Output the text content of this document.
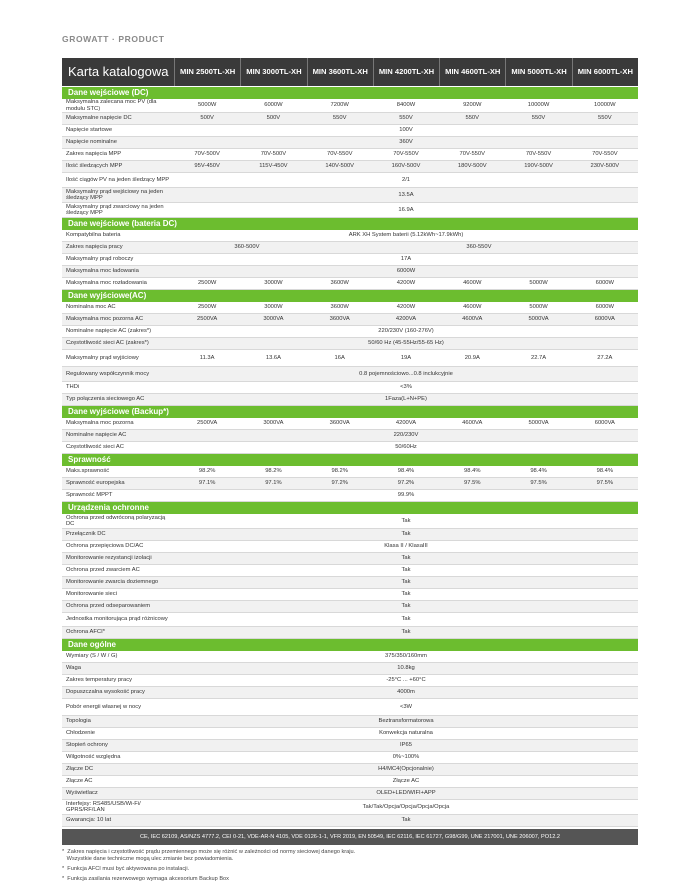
GROWATT · PRODUCT
Karta katalogowa	MIN 2500TL-XH	MIN 3000TL-XH	MIN 3600TL-XH	MIN 4200TL-XH	MIN 4600TL-XH	MIN 5000TL-XH	MIN 6000TL-XH
Dane wejściowe (DC)
Maksymalna zalecana moc PV (dla modułu STC)
5000W	6000W	7200W	8400W	9200W	10000W	10000W
Maksymalne napięcie DC	500V	500V	550V	550V	550V	550V	550V
Napięcie startowe	100V
Napięcie nominalne	360V
Zakres napięcia MPP	70V-500V	70V-500V	70V-550V	70V-550V	70V-550V	70V-550V	70V-550V
Ilość śledzących MPP	95V-450V	115V-450V	140V-500V	160V-500V	180V-500V	190V-500V	230V-500V
Ilość ciągów PV na jeden śledzący MPP	2/1
Maksymalny prąd wejściowy na jeden śledzący MPP
13.5A
Maksymalny prąd zwarciowy na jeden śledzący MPP
16.9A
Dane wejściowe (bateria DC)
Kompatybilna bateria	ARK XH System baterii (5.12kWh~17.9kWh)
Zakres napięcia pracy	360-500V	360-550V
Maksymalny prąd roboczy	17A
Maksymalna moc ładowania	6000W
Maksymalna moc rozładowania	2500W	3000W	3600W	4200W	4600W	5000W	6000W
Dane wyjściowe(AC)
Nominalna moc AC	2500W	3000W	3600W	4200W	4600W	5000W	6000W
Maksymalna moc pozorna AC	2500VA	3000VA	3600VA	4200VA	4600VA	5000VA	6000VA
Nominalne napięcie AC (zakres*)	220/230V (160-276V)
Częstotliwość sieci AC (zakres*)	50/60 Hz (45-55Hz/55-65 Hz)
Maksymalny prąd wyjściowy	11.3A	13.6A	16A	19A	20.9A	22.7A	27.2A
Regulowany współczynnik mocy	0.8 pojemnościowo...0.8 inclukcyjnie
THDi	<3%
Typ połączenia sieciowego AC	1Faza(L+N+PE)
Dane wyjściowe (Backup*)
Maksymalna moc pozorna	2500VA	3000VA	3600VA	4200VA	4600VA	5000VA	6000VA
Nominalne napięcie AC	220/230V
Częstotliwość sieci AC	50/60Hz
Sprawność
Maks.sprawność	98.2%	98.2%	98.2%	98.4%	98.4%	98.4%	98.4%
Sprawność europejska	97.1%	97.1%	97.2%	97.2%	97.5%	97.5%	97.5%
Sprawność MPPT	99.9%
Urządzenia ochronne
Ochrona przed odwróconą polaryzacją DC
Tak
Przełącznik DC	Tak
Ochrona przepięciowa DC/AC	Klasa II / KlasaIII
Monitorowanie rezystancji izolacji	Tak
Ochrona przed zwarciem AC	Tak
Monitorowanie zwarcia doziemnego	Tak
Monitorowanie sieci	Tak
Ochrona przed odseparowaniem	Tak
Jednostka monitorująca prąd różnicowy	Tak
Ochrona AFCI*	Tak
Dane ogólne
Wymiary (S / W / G)	375/350/160mm
Waga	10.8kg
Zakres temperatury pracy	-25°C ... +60°C
Dopuszczalna wysokość pracy	4000m
Pobór energii własnej w nocy	<3W
Topologia	Beztransformatorowa
Chłodzenie	Konwekcja naturalna
Stopień ochrony	IP65
Wilgotność względna	0%~100%
Złącze DC	H4/MC4(Opcjonalnie)
Złącze AC	Złącze AC
Wyświetlacz	OLED+LED/WIFI+APP
Interfejsy: RS485/USB/Wi-Fi/ GPRS/RF/LAN
Tak/Tak/Opcja/Opcja/Opcja/Opcja
Gwarancja: 10 lat	Tak
CE, IEC 62109, AS/NZS 4777.2, CEI 0-21, VDE-AR-N 4105, VDE 0126-1-1, VFR 2019, EN 50549, IEC 62116, IEC 61727, G98/G99, UNE 217001, UNE 206007, PO12.2
*  Zakres napięcia i częstotliwość prądu przemiennego może się różnić w zależności od normy sieciowej danego kraju.
Wszystkie dane techniczne mogą ulec zmianie bez powiadomienia.
*  Funkcja AFCI musi być aktywowana po instalacji.
*  Funkcja zasilania rezerwowego wymaga akcesorium Backup Box
